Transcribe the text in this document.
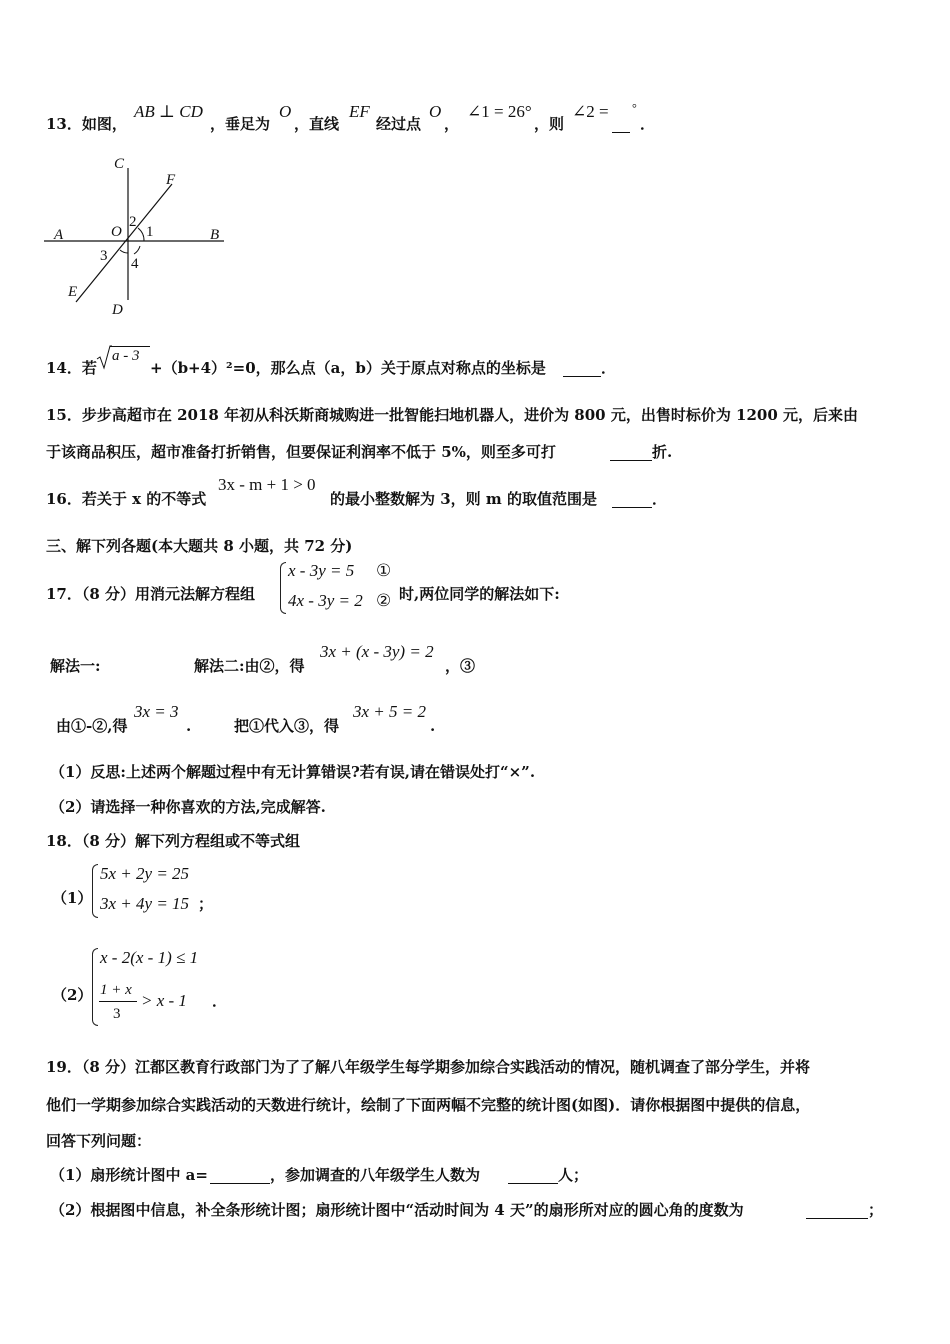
13．如图，
AB ⊥ CD
，垂足为
O
，直线
EF
经过点
O
，
∠1 = 26°
，则
∠2 = °
．
C
F
A	O
2
1	B
3 4
E
D
14．若
a - 3
+（b+4）²=0，那么点（a，b）关于原点对称点的坐标是	．
15．步步高超市在 2018 年初从科沃斯商城购进一批智能扫地机器人，进价为 800 元，出售时标价为 1200 元，后来由
于该商品积压，超市准备打折销售，但要保证利润率不低于 5%，则至多可打	折.
16．若关于 x 的不等式
3x - m + 1 > 0
的最小整数解为 3，则 m 的取值范围是	．
三、解下列各题(本大题共 8 小题，共 72 分)
17．（8 分）用消元法解方程组
x - 3y = 5 ①
4x - 3y = 2 ② 时,两位同学的解法如下:
解法一:	解法二:由②，得
3x + (x - 3y) = 2
，③
由①-②,得
3x = 3
.	把①代入③，得
3x + 5 = 2
.
（1）反思:上述两个解题过程中有无计算错误?若有误,请在错误处打“×”.
（2）请选择一种你喜欢的方法,完成解答.
18．（8 分）解下列方程组或不等式组
（1）
5x + 2y = 25
3x + 4y = 15 ；
（2）
x - 2(x - 1) ≤ 1
1 + x
3
> x - 1 ．
19．（8 分）江都区教育行政部门为了了解八年级学生每学期参加综合实践活动的情况，随机调查了部分学生，并将
他们一学期参加综合实践活动的天数进行统计，绘制了下面两幅不完整的统计图(如图)．请你根据图中提供的信息，
回答下列问题：
（1）扇形统计图中 a=	，参加调查的八年级学生人数为	人；
（2）根据图中信息，补全条形统计图；扇形统计图中“活动时间为 4 天”的扇形所对应的圆心角的度数为	；
